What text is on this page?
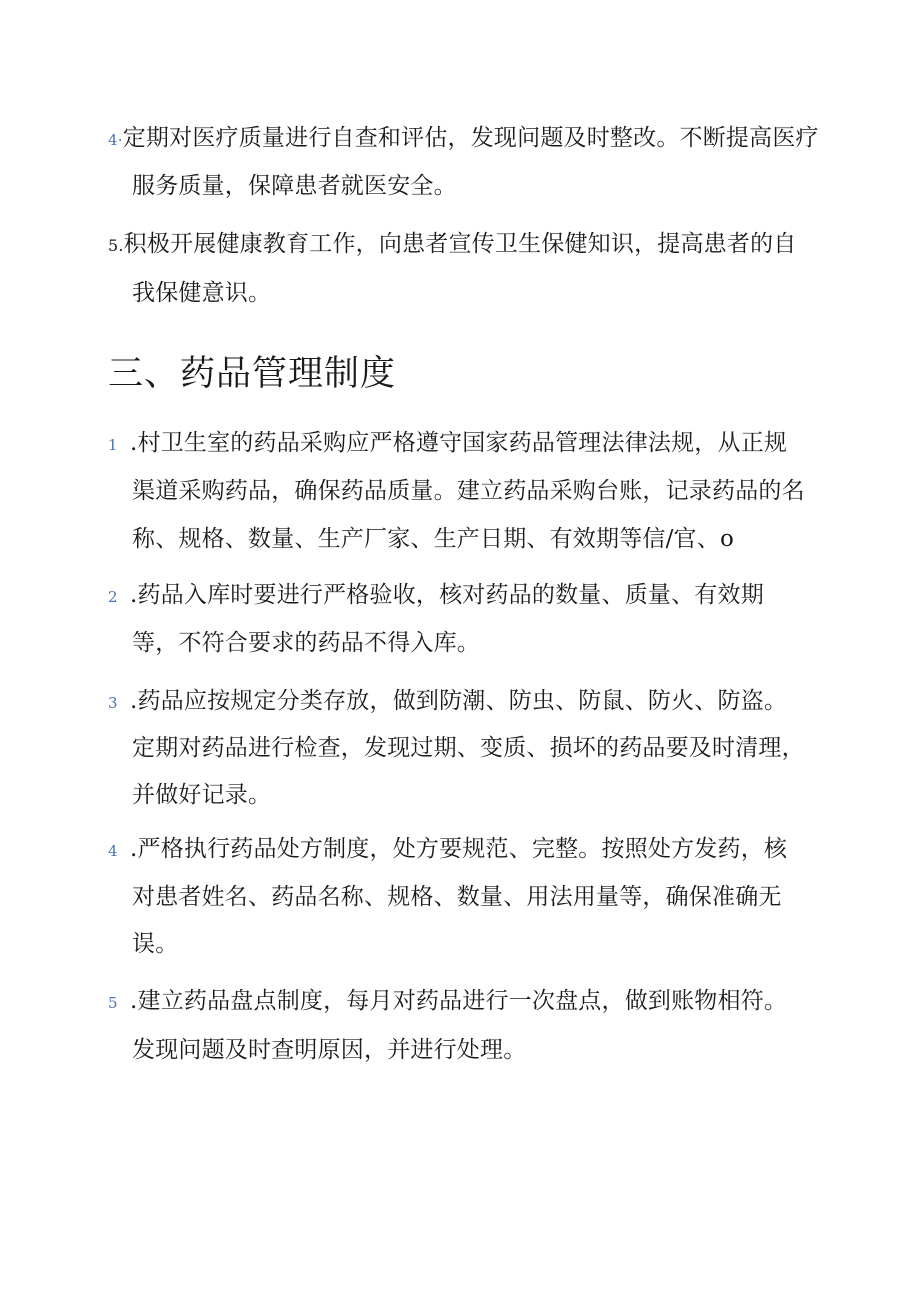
4·定期对医疗质量进行自查和评估，发现问题及时整改。不断提高医疗
服务质量，保障患者就医安全。
5.积极开展健康教育工作，向患者宣传卫生保健知识，提高患者的自
我保健意识。
三、药品管理制度
1 .村卫生室的药品采购应严格遵守国家药品管理法律法规，从正规
渠道采购药品，确保药品质量。建立药品采购台账，记录药品的名
称、规格、数量、生产厂家、生产日期、有效期等信/官、o
2 .药品入库时要进行严格验收，核对药品的数量、质量、有效期
等，不符合要求的药品不得入库。
3 .药品应按规定分类存放，做到防潮、防虫、防鼠、防火、防盗。
定期对药品进行检查，发现过期、变质、损坏的药品要及时清理，
并做好记录。
4 .严格执行药品处方制度，处方要规范、完整。按照处方发药，核
对患者姓名、药品名称、规格、数量、用法用量等，确保准确无
误。
5 .建立药品盘点制度，每月对药品进行一次盘点，做到账物相符。
发现问题及时查明原因，并进行处理。
